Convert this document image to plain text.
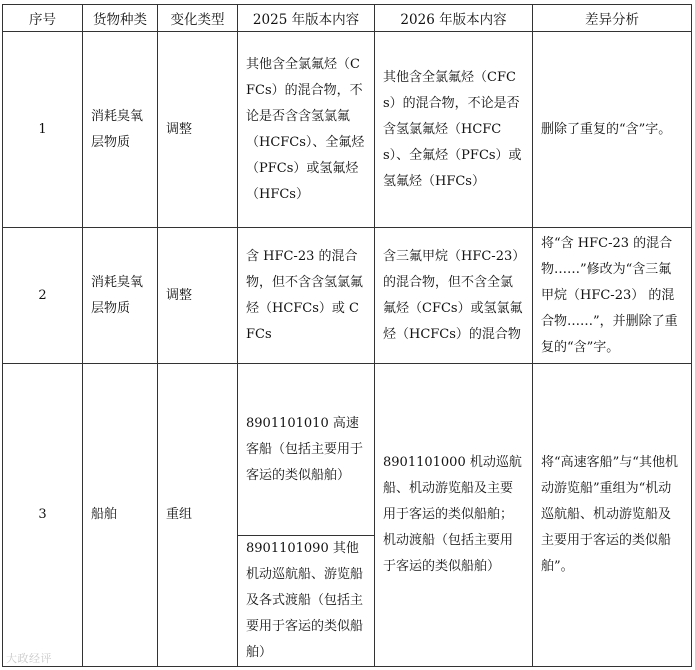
序号	货物种类	变化类型	2025 年版本内容	2026 年版本内容	差异分析
1	消耗臭氧层物质	调整	其他含全氯氟烃（CFCs）的混合物，不论是否含含氢氯氟（HCFCs）、全氟烃（PFCs）或氢氟烃（HFCs）	其他含全氯氟烃（CFCs）的混合物，不论是否含氢氯氟烃（HCFCs）、全氟烃（PFCs）或氢氟烃（HFCs）	删除了重复的“含”字。
2	消耗臭氧层物质	调整	含 HFC-23 的混合物，但不含含氢氯氟烃（HCFCs）或 CFCs	含三氟甲烷（HFC-23）的混合物，但不含全氯氟烃（CFCs）或氢氯氟烃（HCFCs）的混合物	将“含 HFC-23 的混合物……”修改为“含三氟甲烷（HFC-23） 的混合物……”，并删除了重复的“含”字。
3	船舶	重组	8901101010 高速客船（包括主要用于客运的类似船舶）	8901101000 机动巡航船、机动游览船及主要用于客运的类似船舶；机动渡船（包括主要用于客运的类似船舶）	将“高速客船”与“其他机动游览船”重组为“机动巡航船、机动游览船及主要用于客运的类似船舶”。
			8901101090 其他机动巡航船、游览船及各式渡船（包括主要用于客运的类似船舶）		
大政经评
